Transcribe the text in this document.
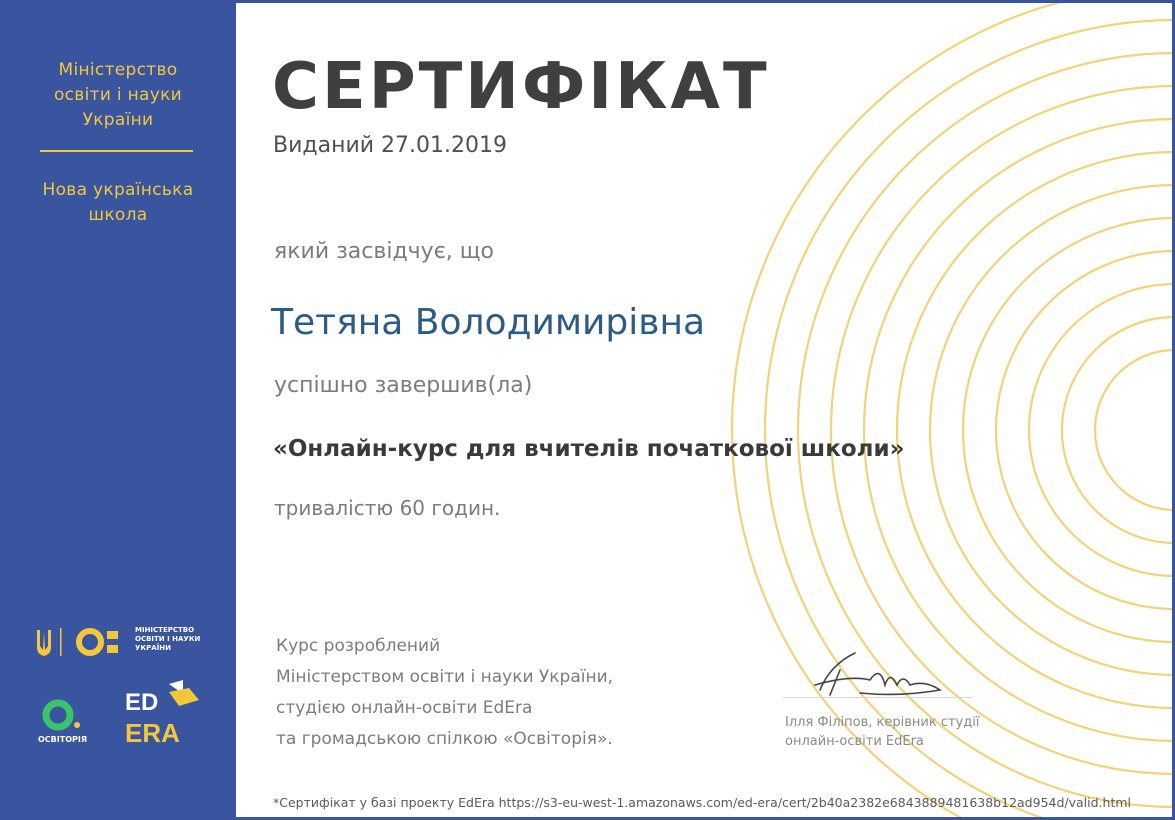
Міністерство
освіти і науки
України
Нова українська
школа
МІНІСТЕРСТВО
ОСВІТИ І НАУКИ
УКРАЇНИ
ОСВІТОРІЯ
ED
ERA
СЕРТИФІКАТ
Виданий 27.01.2019
який засвідчує, що
Тетяна Володимирівна
успішно завершив(ла)
«Онлайн-курс для вчителів початкової школи»
тривалістю 60 годин.
Курс розроблений
Міністерством освіти і науки України,
студією онлайн-освіти EdEra
та громадською спілкою «Освіторія».
Ілля Філіпов, керівник студії
онлайн-освіти EdEra
*Сертифікат у базі проекту EdEra https://s3-eu-west-1.amazonaws.com/ed-era/cert/2b40a2382e6843889481638b12ad954d/valid.html
